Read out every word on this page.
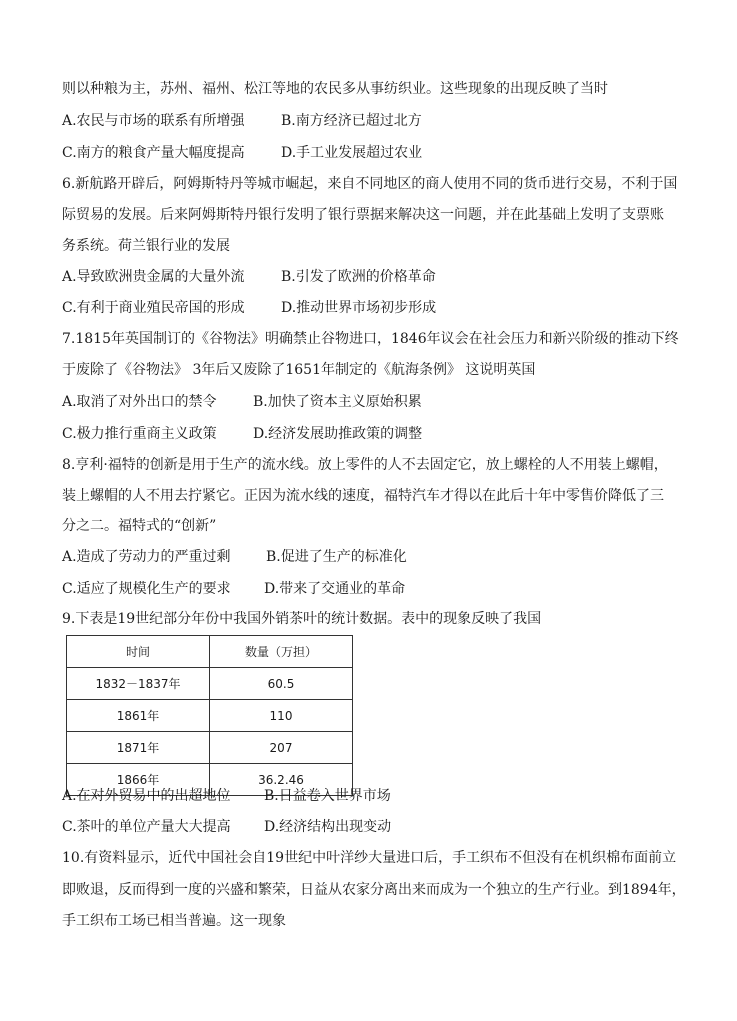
则以种粮为主，苏州、福州、松江等地的农民多从事纺织业。这些现象的出现反映了当时
A.农民与市场的联系有所增强	B.南方经济已超过北方
C.南方的粮食产量大幅度提高	D.手工业发展超过农业
6.新航路开辟后，阿姆斯特丹等城市崛起，来自不同地区的商人使用不同的货币进行交易，不利于国
际贸易的发展。后来阿姆斯特丹银行发明了银行票据来解决这一问题，并在此基础上发明了支票账
务系统。荷兰银行业的发展
A.导致欧洲贵金属的大量外流	B.引发了欧洲的价格革命
C.有利于商业殖民帝国的形成	D.推动世界市场初步形成
7.1815年英国制订的《谷物法》明确禁止谷物进口，1846年议会在社会压力和新兴阶级的推动下终
于废除了《谷物法》 3年后又废除了1651年制定的《航海条例》 这说明英国
A.取消了对外出口的禁令	B.加快了资本主义原始积累
C.极力推行重商主义政策	D.经济发展助推政策的调整
8.亨利·福特的创新是用于生产的流水线。放上零件的人不去固定它，放上螺栓的人不用装上螺帽，
装上螺帽的人不用去拧紧它。正因为流水线的速度，福特汽车才得以在此后十年中零售价降低了三
分之二。福特式的“创新”
A.造成了劳动力的严重过剩	B.促进了生产的标准化
C.适应了规模化生产的要求 D.带来了交通业的革命
9.下表是19世纪部分年份中我国外销茶叶的统计数据。表中的现象反映了我国
时间	数量（万担）
1832－1837年	60.5
1861年	110
1871年	207
1866年	36.2.46
A.在对外贸易中的出超地位 B.日益卷入世界市场
C.茶叶的单位产量大大提高 D.经济结构出现变动
10.有资料显示，近代中国社会自19世纪中叶洋纱大量进口后，手工织布不但没有在机织棉布面前立
即败退，反而得到一度的兴盛和繁荣，日益从农家分离出来而成为一个独立的生产行业。到1894年，
手工织布工场已相当普遍。这一现象
